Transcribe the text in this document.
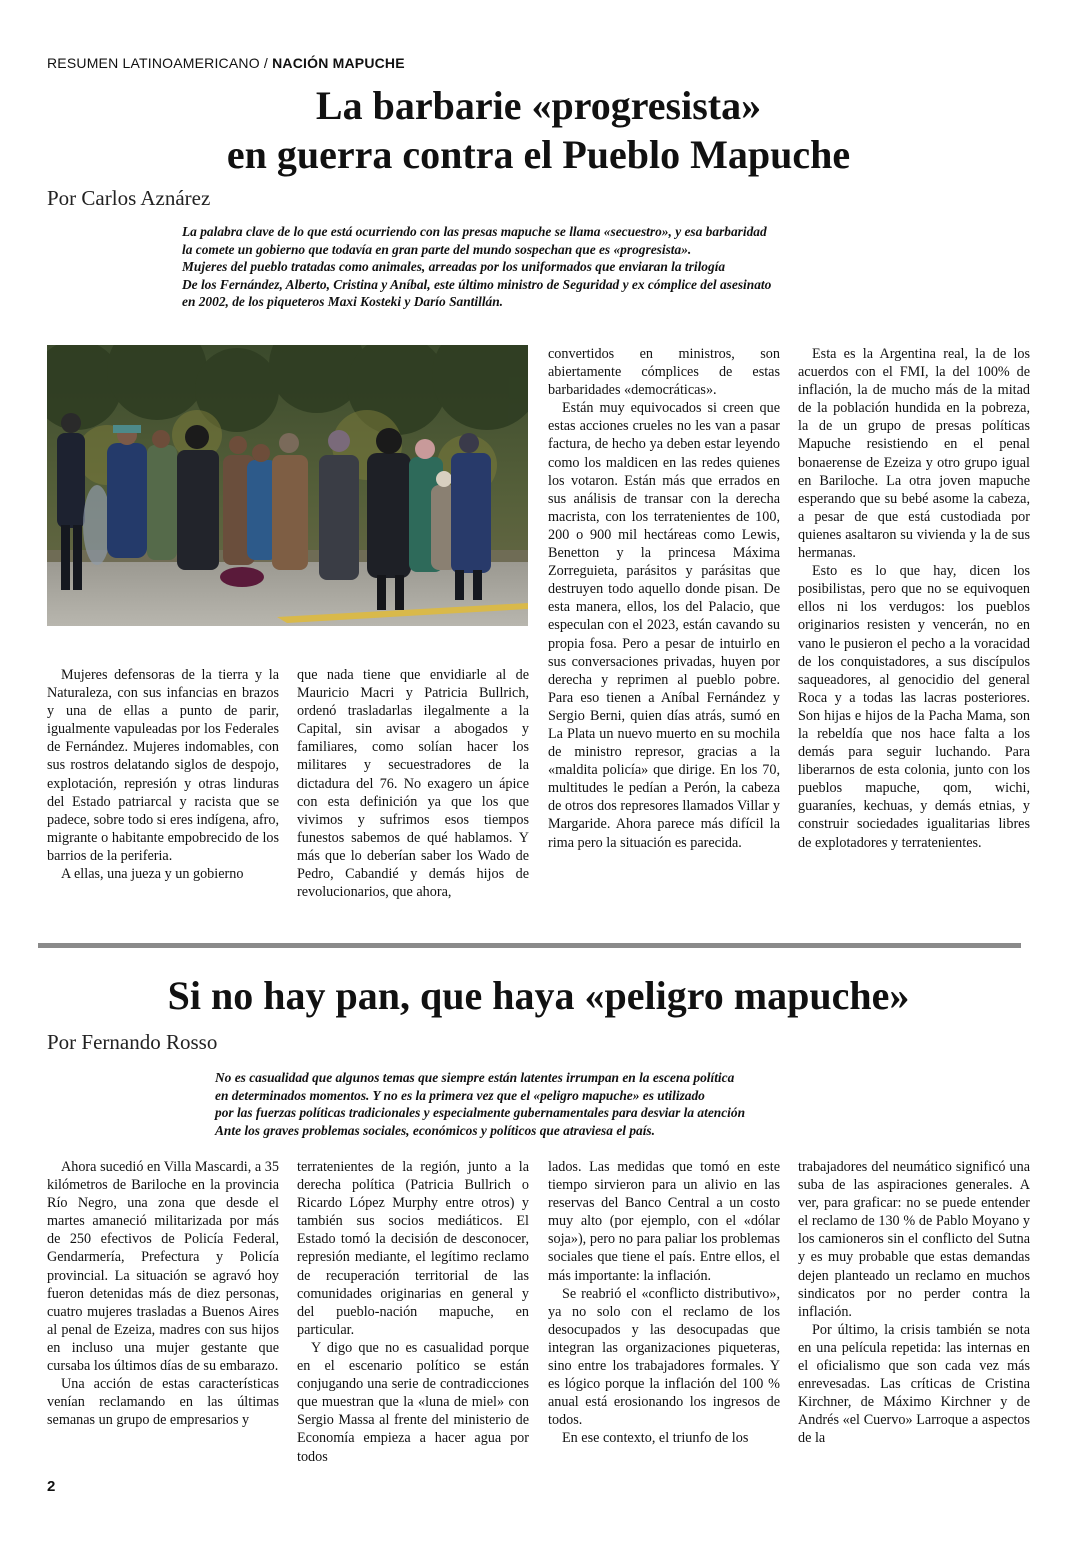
RESUMEN LATINOAMERICANO / NACIÓN MAPUCHE
La barbarie «progresista»
en guerra contra el Pueblo Mapuche
Por Carlos Aznárez
La palabra clave de lo que está ocurriendo con las presas mapuche se llama «secuestro», y esa barbaridad
la comete un gobierno que todavía en gran parte del mundo sospechan que es «progresista».
Mujeres del pueblo tratadas como animales, arreadas por los uniformados que enviaran la trilogía
De los Fernández, Alberto, Cristina y Aníbal, este último ministro de Seguridad y ex cómplice del asesinato
en 2002, de los piqueteros Maxi Kosteki y Darío Santillán.

Mujeres defensoras de la tierra y la Naturaleza, con sus infancias en brazos y una de ellas a punto de parir, igualmente vapuleadas por los Federales de Fernández. Mujeres indomables, con sus rostros delatando siglos de despojo, explotación, represión y otras linduras del Estado patriarcal y racista que se padece, sobre todo si eres indígena, afro, migrante o habitante empobrecido de los barrios de la periferia.

A ellas, una jueza y un gobierno

que nada tiene que envidiarle al de Mauricio Macri y Patricia Bullrich, ordenó trasladarlas ilegalmente a la Capital, sin avisar a abogados y familiares, como solían hacer los militares y secuestradores de la dictadura del 76. No exagero un ápice con esta definición ya que los que vivimos y sufrimos esos tiempos funestos sabemos de qué hablamos. Y más que lo deberían saber los Wado de Pedro, Cabandié y demás hijos de revolucionarios, que ahora,

convertidos en ministros, son abiertamente cómplices de estas barbaridades «democráticas».

Están muy equivocados si creen que estas acciones crueles no les van a pasar factura, de hecho ya deben estar leyendo como los maldicen en las redes quienes los votaron. Están más que errados en sus análisis de transar con la derecha macrista, con los terratenientes de 100, 200 o 900 mil hectáreas como Lewis, Benetton y la princesa Máxima Zorreguieta, parásitos y parásitas que destruyen todo aquello donde pisan. De esta manera, ellos, los del Palacio, que especulan con el 2023, están cavando su propia fosa. Pero a pesar de intuirlo en sus conversaciones privadas, huyen por derecha y reprimen al pueblo pobre. Para eso tienen a Aníbal Fernández y Sergio Berni, quien días atrás, sumó en La Plata un nuevo muerto en su mochila de ministro represor, gracias a la «maldita policía» que dirige. En los 70, multitudes le pedían a Perón, la cabeza de otros dos represores llamados Villar y Margaride. Ahora parece más difícil la rima pero la situación es parecida.

Esta es la Argentina real, la de los acuerdos con el FMI, la del 100% de inflación, la de mucho más de la mitad de la población hundida en la pobreza, la de un grupo de presas políticas Mapuche resistiendo en el penal bonaerense de Ezeiza y otro grupo igual en Bariloche. La otra joven mapuche esperando que su bebé asome la cabeza, a pesar de que está custodiada por quienes asaltaron su vivienda y la de sus hermanas.

Esto es lo que hay, dicen los posibilistas, pero que no se equivoquen ellos ni los verdugos: los pueblos originarios resisten y vencerán, no en vano le pusieron el pecho a la voracidad de los conquistadores, a sus discípulos saqueadores, al genocidio del general Roca y a todas las lacras posteriores. Son hijas e hijos de la Pacha Mama, son la rebeldía que nos hace falta a los demás para seguir luchando. Para liberarnos de esta colonia, junto con los pueblos mapuche, qom, wichi, guaraníes, kechuas, y demás etnias, y construir sociedades igualitarias libres de explotadores y terratenientes.

Si no hay pan, que haya «peligro mapuche»
Por Fernando Rosso
No es casualidad que algunos temas que siempre están latentes irrumpan en la escena política
en determinados momentos. Y no es la primera vez que el «peligro mapuche» es utilizado
por las fuerzas políticas tradicionales y especialmente gubernamentales para desviar la atención
Ante los graves problemas sociales, económicos y políticos que atraviesa el país.

Ahora sucedió en Villa Mascardi, a 35 kilómetros de Bariloche en la provincia Río Negro, una zona que desde el martes amaneció militarizada por más de 250 efectivos de Policía Federal, Gendarmería, Prefectura y Policía provincial. La situación se agravó hoy fueron detenidas más de diez personas, cuatro mujeres trasladas a Buenos Aires al penal de Ezeiza, madres con sus hijos en incluso una mujer gestante que cursaba los últimos días de su embarazo.

Una acción de estas características venían reclamando en las últimas semanas un grupo de empresarios y

terratenientes de la región, junto a la derecha política (Patricia Bullrich o Ricardo López Murphy entre otros) y también sus socios mediáticos. El Estado tomó la decisión de desconocer, represión mediante, el legítimo reclamo de recuperación territorial de las comunidades originarias en general y del pueblo-nación mapuche, en particular.

Y digo que no es casualidad porque en el escenario político se están conjugando una serie de contradicciones que muestran que la «luna de miel» con Sergio Massa al frente del ministerio de Economía empieza a hacer agua por todos

lados. Las medidas que tomó en este tiempo sirvieron para un alivio en las reservas del Banco Central a un costo muy alto (por ejemplo, con el «dólar soja»), pero no para paliar los problemas sociales que tiene el país. Entre ellos, el más importante: la inflación.

Se reabrió el «conflicto distributivo», ya no solo con el reclamo de los desocupados y las desocupadas que integran las organizaciones piqueteras, sino entre los trabajadores formales. Y es lógico porque la inflación del 100 % anual está erosionando los ingresos de todos.

En ese contexto, el triunfo de los

trabajadores del neumático significó una suba de las aspiraciones generales. A ver, para graficar: no se puede entender el reclamo de 130 % de Pablo Moyano y los camioneros sin el conflicto del Sutna y es muy probable que estas demandas dejen planteado un reclamo en muchos sindicatos por no perder contra la inflación.

Por último, la crisis también se nota en una película repetida: las internas en el oficialismo que son cada vez más enrevesadas. Las críticas de Cristina Kirchner, de Máximo Kirchner y de Andrés «el Cuervo» Larroque a aspectos de la

2
